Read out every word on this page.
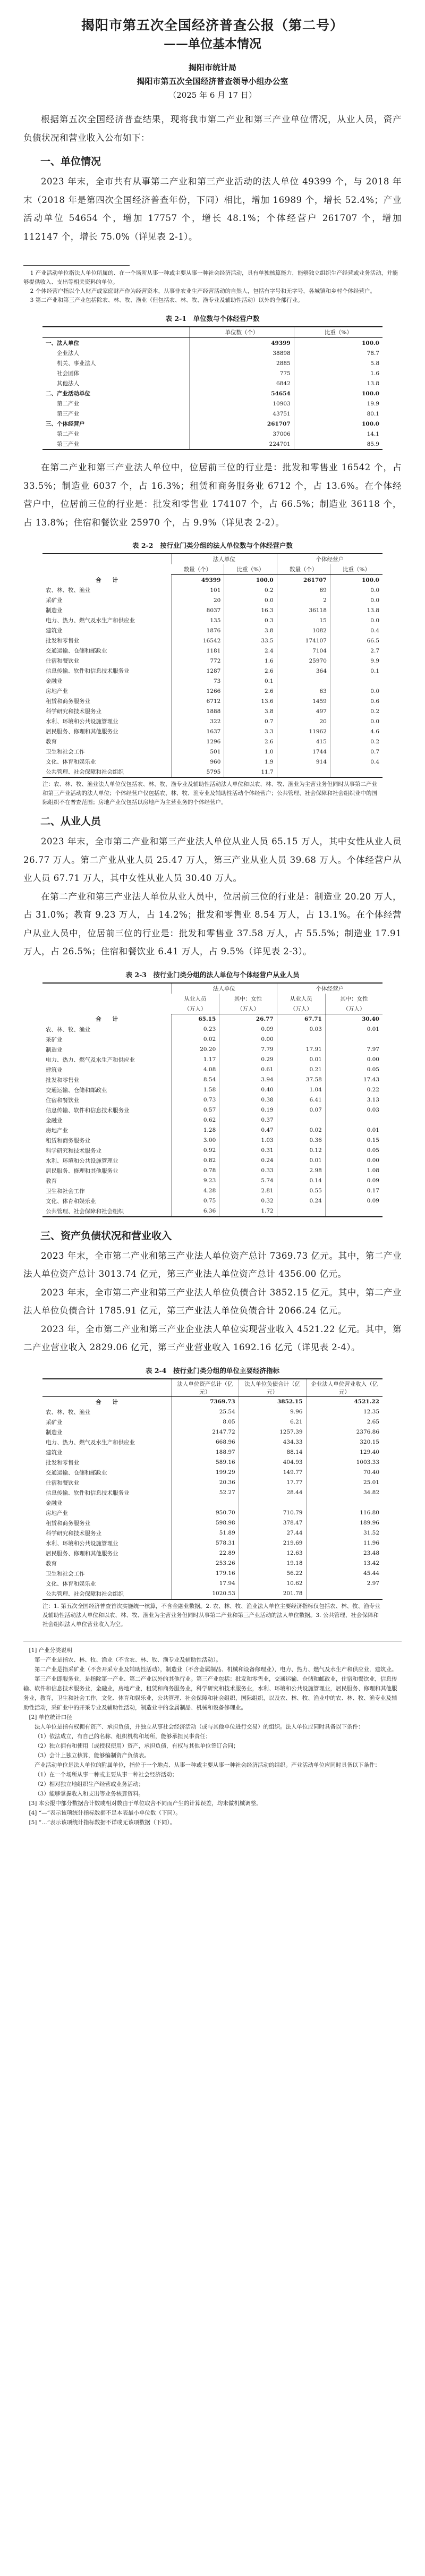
揭阳市第五次全国经济普查公报（第二号）
——单位基本情况
揭阳市统计局
揭阳市第五次全国经济普查领导小组办公室
（2025 年 6 月 17 日）

根据第五次全国经济普查结果，现将我市第二产业和第三产业单位情况，从业人员，资产负债状况和营业收入公布如下：

一、单位情况

2023 年末，全市共有从事第二产业和第三产业活动的法人单位 49399 个，与 2018 年末（2018 年是第四次全国经济普查年份，下同）相比，增加 16989 个，增长 52.4%；产业活动单位 54654 个，增加 17757 个，增长 48.1%；个体经营户 261707 个，增加 112147 个，增长 75.0%（详见表 2-1）。

1 产业活动单位指法人单位所属的、在一个场所从事一种或主要从事一种社会经济活动，具有单独核算能力，能够独立组织生产经营或业务活动，并能够提供收入、支出等相关资料的单位。

2 个体经营户指以个人财产或家庭财产作为经营资本，从事非农业生产经营活动的自然人，包括有字号和无字号，各城镇和乡村个体经营户。

3 第二产业和第三产业包括除农、林、牧、渔业（但包括农、林、牧、渔专业及辅助性活动）以外的全部行业。

表 2-1　单位数与个体经营户数
	单位数（个）	比重（%）
一、法人单位	49399	100.0
　　企业法人	38898	78.7
　　机关、事业法人	2885	5.8
　　社会团体	775	1.6
　　其他法人	6842	13.8
二、产业活动单位	54654	100.0
　　第二产业	10903	19.9
　　第三产业	43751	80.1
三、个体经营户	261707	100.0
　　第二产业	37006	14.1
　　第三产业	224701	85.9

在第二产业和第三产业法人单位中，位居前三位的行业是：批发和零售业 16542 个，占 33.5%；制造业 6037 个，占 16.3%；租赁和商务服务业 6712 个，占 13.6%。在个体经营户中，位居前三位的行业是：批发和零售业 174107 个，占 66.5%；制造业 36118 个，占 13.8%；住宿和餐饮业 25970 个，占 9.9%（详见表 2-2）。

表 2-2　按行业门类分组的法人单位数与个体经营户数
	法人单位		个体经营户	
	数量（个）	比重（%）	数量（个）	比重（%）
合　　计	49399	100.0	261707	100.0
农、林、牧、渔业	101	0.2	69	0.0
采矿业	20	0.0	2	0.0
制造业	8037	16.3	36118	13.8
电力、热力、燃气及水生产和供应业	135	0.3	15	0.0
建筑业	1876	3.8	1082	0.4
批发和零售业	16542	33.5	174107	66.5
交通运输、仓储和邮政业	1181	2.4	7104	2.7
住宿和餐饮业	772	1.6	25970	9.9
信息传输、软件和信息技术服务业	1287	2.6	364	0.1
金融业	73	0.1		
房地产业	1266	2.6	63	0.0
租赁和商务服务业	6712	13.6	1459	0.6
科学研究和技术服务业	1888	3.8	497	0.2
水利、环境和公共设施管理业	322	0.7	20	0.0
居民服务、修理和其他服务业	1637	3.3	11962	4.6
教育	1296	2.6	415	0.2
卫生和社会工作	501	1.0	1744	0.7
文化、体育和娱乐业	960	1.9	914	0.4
公共管理、社会保障和社会组织	5795	11.7		
注：农、林、牧、渔业法人单位仅包括农、林、牧、渔专业及辅助性活动法人单位和以农、林、牧、渔业为主营业务但同时从事第二产业和第三产业活动的法人单位；个体经营户仅包括农、林、牧、渔专业及辅助性活动个体经营户；公共管理、社会保障和社会组织业中的国际组织不在普查范围；房地产业仅包括以房地产为主营业务的个体经营户。
二、从业人员

2023 年末，全市第二产业和第三产业法人单位从业人员 65.15 万人，其中女性从业人员 26.77 万人。第二产业从业人员 25.47 万人，第三产业从业人员 39.68 万人。个体经营户从业人员 67.71 万人，其中女性从业人员 30.40 万人。

在第二产业和第三产业法人单位从业人员中，位居前三位的行业是：制造业 20.20 万人，占 31.0%；教育 9.23 万人，占 14.2%；批发和零售业 8.54 万人，占 13.1%。在个体经营户从业人员中，位居前三位的行业是：批发和零售业 37.58 万人，占 55.5%；制造业 17.91 万人，占 26.5%；住宿和餐饮业 6.41 万人，占 9.5%（详见表 2-3）。

表 2-3　按行业门类分组的法人单位与个体经营户从业人员
	法人单位		个体经营户	
	从业人员	其中：女性	从业人员	其中：女性
	（万人）	（万人）	（万人）	（万人）
合　　计	65.15	26.77	67.71	30.40
农、林、牧、渔业	0.23	0.09	0.03	0.01
采矿业	0.02	0.00		
制造业	20.20	7.79	17.91	7.97
电力、热力、燃气及水生产和供应业	1.17	0.29	0.01	0.00
建筑业	4.08	0.61	0.21	0.05
批发和零售业	8.54	3.94	37.58	17.43
交通运输、仓储和邮政业	1.58	0.40	1.04	0.22
住宿和餐饮业	0.73	0.38	6.41	3.13
信息传输、软件和信息技术服务业	0.57	0.19	0.07	0.03
金融业	0.62	0.37		
房地产业	1.28	0.47	0.02	0.01
租赁和商务服务业	3.00	1.03	0.36	0.15
科学研究和技术服务业	0.92	0.31	0.12	0.05
水利、环境和公共设施管理业	0.82	0.24	0.01	0.00
居民服务、修理和其他服务业	0.78	0.33	2.98	1.08
教育	9.23	5.74	0.14	0.09
卫生和社会工作	4.28	2.81	0.55	0.17
文化、体育和娱乐业	0.75	0.32	0.24	0.09
公共管理、社会保障和社会组织	6.36	1.72		
三、资产负债状况和营业收入

2023 年末，全市第二产业和第三产业法人单位资产总计 7369.73 亿元。其中，第二产业法人单位资产总计 3013.74 亿元，第三产业法人单位资产总计 4356.00 亿元。

2023 年末，全市第二产业和第三产业法人单位负债合计 3852.15 亿元。其中，第二产业法人单位负债合计 1785.91 亿元，第三产业法人单位负债合计 2066.24 亿元。

2023 年，全市第二产业和第三产业企业法人单位实现营业收入 4521.22 亿元。其中，第二产业营业收入 2829.06 亿元，第三产业营业收入 1692.16 亿元（详见表 2-4）。

表 2-4　按行业门类分组的单位主要经济指标
	法人单位资产总计（亿元）	法人单位负债合计（亿元）	企业法人单位营业收入（亿元）
合　　计	7369.73	3852.15	4521.22
农、林、牧、渔业	25.54	9.96	12.35
采矿业	8.05	6.21	2.65
制造业	2147.72	1257.39	2376.86
电力、热力、燃气及水生产和供应业	668.96	434.33	320.15
建筑业	188.97	88.14	129.40
批发和零售业	589.16	404.93	1003.33
交通运输、仓储和邮政业	199.29	149.77	70.40
住宿和餐饮业	20.36	17.77	25.01
信息传输、软件和信息技术服务业	52.27	28.44	34.82
金融业			
房地产业	950.70	710.79	116.80
租赁和商务服务业	598.98	378.47	189.96
科学研究和技术服务业	51.89	27.44	31.52
水利、环境和公共设施管理业	578.31	219.69	11.96
居民服务、修理和其他服务业	22.89	12.63	23.48
教育	253.26	19.18	13.42
卫生和社会工作	179.16	56.22	45.44
文化、体育和娱乐业	17.94	10.62	2.97
公共管理、社会保障和社会组织	1020.53	201.78	
注：1. 第五次全国经济普查首次实施统一核算，不含金融业数据。2. 农、林、牧、渔业法人单位主要经济指标仅包括农、林、牧、渔专业及辅助性活动法人单位和以农、林、牧、渔业为主营业务但同时从事第二产业和第三产业活动的法人单位数据。3. 公共管理、社会保障和社会组织法人单位营业收入为空。

[1] 产业分类说明

第一产业是指农、林、牧、渔业（不含农、林、牧、渔专业及辅助性活动）。

第二产业是指采矿业（不含开采专业及辅助性活动），制造业（不含金属制品、机械和设备修理业），电力、热力、燃气及水生产和供应业，建筑业。

第三产业即服务业，是指除第一产业、第二产业以外的其他行业。第三产业包括：批发和零售业，交通运输、仓储和邮政业，住宿和餐饮业，信息传输、软件和信息技术服务业，金融业，房地产业，租赁和商务服务业，科学研究和技术服务业，水利、环境和公共设施管理业，居民服务、修理和其他服务业，教育，卫生和社会工作，文化、体育和娱乐业，公共管理、社会保障和社会组织，国际组织，以及农、林、牧、渔业中的农、林、牧、渔专业及辅助性活动，采矿业中的开采专业及辅助性活动，制造业中的金属制品、机械和设备修理业。

[2] 单位统计口径

法人单位是指有权拥有资产、承担负债，并独立从事社会经济活动（或与其他单位进行交易）的组织。法人单位应同时具备以下条件：

（1）依法成立，有自己的名称、组织机构和场所，能够承担民事责任；

（2）独立拥有和使用（或授权使用）资产，承担负债，有权与其他单位签订合同；

（3）会计上独立核算，能够编制资产负债表。

产业活动单位是法人单位的附属单位，指位于一个地点、从事一种或主要从事一种社会经济活动的组织。产业活动单位应同时具备以下条件：

（1）在一个场所从事一种或主要从事一种社会经济活动；

（2）相对独立地组织生产经营或业务活动；

（3）能够掌握收入和支出等业务核算资料。

[3] 本公报中部分数据合计数或相对数由于单位取舍不同而产生的计算误差，均未做机械调整。

[4] “—”表示该项统计指标数据不足本表最小单位数（下同）。

[5] “…”表示该项统计指标数据不详或无该项数据（下同）。
